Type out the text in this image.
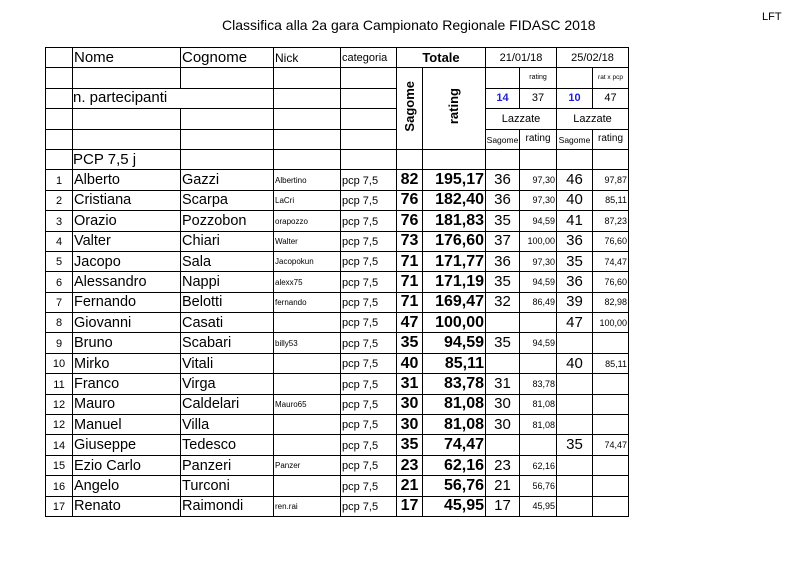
LFT
Classifica alla 2a gara Campionato Regionale FIDASC 2018
	Nome	Cognome	Nick	categoria	Totale		21/01/18		25/02/18	
					Sagome	rating		rating		rat x pcp
	n. partecipanti						14	37	10	47
							Lazzate		Lazzate	
							Sagome	rating	Sagome	rating
	PCP 7,5 j									
1	Alberto	Gazzi	Albertino	pcp 7,5	82	195,17	36	97,30	46	97,87
2	Cristiana	Scarpa	LaCri	pcp 7,5	76	182,40	36	97,30	40	85,11
3	Orazio	Pozzobon	orapozzo	pcp 7,5	76	181,83	35	94,59	41	87,23
4	Valter	Chiari	Walter	pcp 7,5	73	176,60	37	100,00	36	76,60
5	Jacopo	Sala	Jacopokun	pcp 7,5	71	171,77	36	97,30	35	74,47
6	Alessandro	Nappi	alexx75	pcp 7,5	71	171,19	35	94,59	36	76,60
7	Fernando	Belotti	fernando	pcp 7,5	71	169,47	32	86,49	39	82,98
8	Giovanni	Casati		pcp 7,5	47	100,00			47	100,00
9	Bruno	Scabari	billy53	pcp 7,5	35	94,59	35	94,59		
10	Mirko	Vitali		pcp 7,5	40	85,11			40	85,11
11	Franco	Virga		pcp 7,5	31	83,78	31	83,78		
12	Mauro	Caldelari	Mauro65	pcp 7,5	30	81,08	30	81,08		
12	Manuel	Villa		pcp 7,5	30	81,08	30	81,08		
14	Giuseppe	Tedesco		pcp 7,5	35	74,47			35	74,47
15	Ezio Carlo	Panzeri	Panzer	pcp 7,5	23	62,16	23	62,16		
16	Angelo	Turconi		pcp 7,5	21	56,76	21	56,76		
17	Renato	Raimondi	ren.rai	pcp 7,5	17	45,95	17	45,95		
